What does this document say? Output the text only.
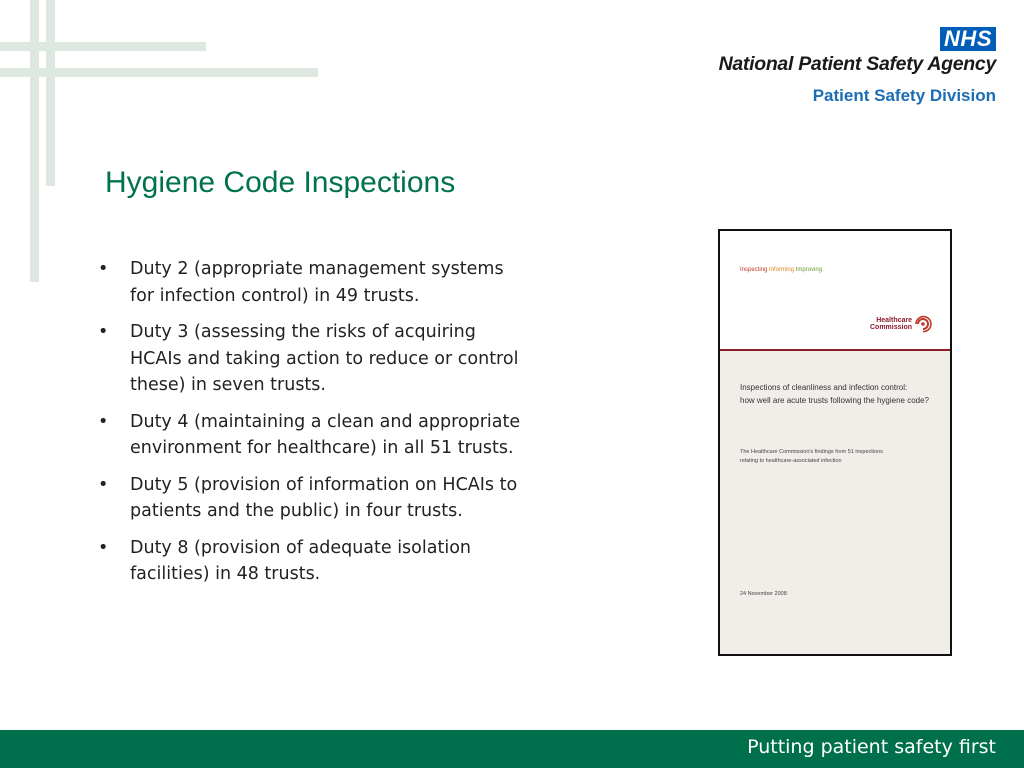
NHS
National Patient Safety Agency
Patient Safety Division
Hygiene Code Inspections
• Duty 2 (appropriate management systems for infection control) in 49 trusts.
• Duty 3 (assessing the risks of acquiring HCAIs and taking action to reduce or control these) in seven trusts.
• Duty 4 (maintaining a clean and appropriate environment for healthcare) in all 51 trusts.
• Duty 5 (provision of information on HCAIs to patients and the public) in four trusts.
• Duty 8 (provision of adequate isolation facilities) in 48 trusts.
Inspecting Informing Improving
Healthcare
Commission
Inspections of cleanliness and infection control:
how well are acute trusts following the hygiene code?
The Healthcare Commission's findings from 51 inspections
relating to healthcare-associated infection
24 November 2008
Putting patient safety first
